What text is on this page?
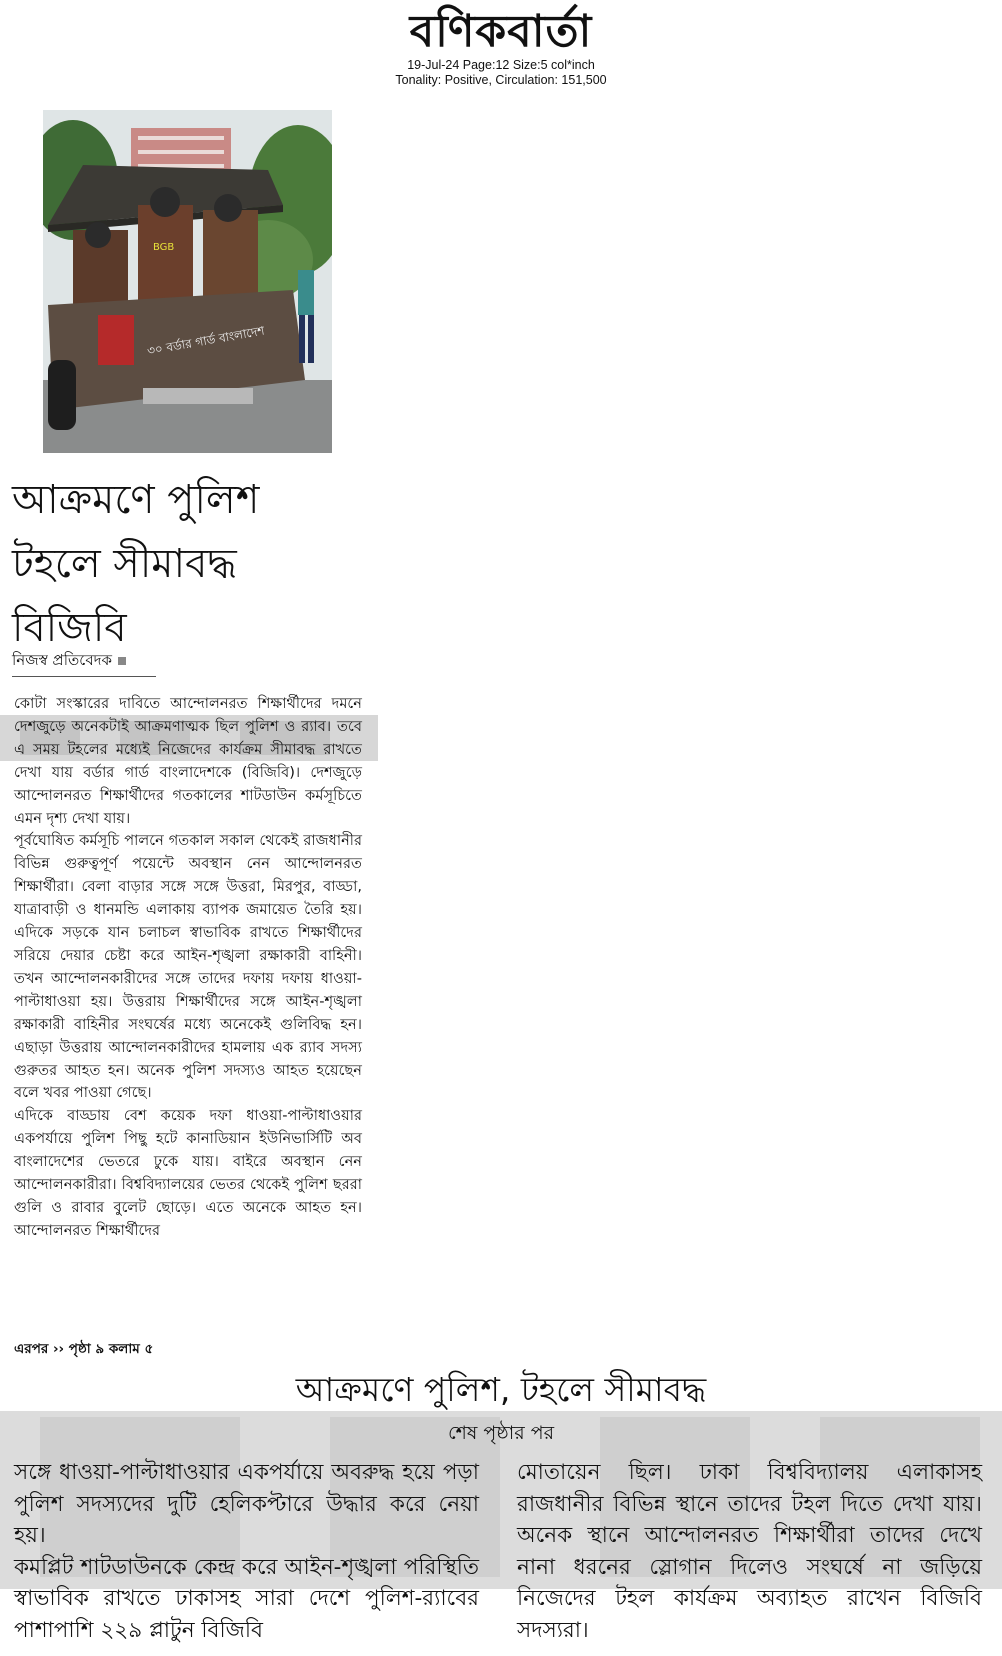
বণিকবার্তা
19-Jul-24 Page:12 Size:5 col*inch
Tonality: Positive, Circulation: 151,500
BGB
৩০ বর্ডার গার্ড বাংলাদেশ
আক্রমণে পুলিশ টহলে সীমাবদ্ধ বিজিবি
নিজস্ব প্রতিবেদক

কোটা সংস্কারের দাবিতে আন্দোলনরত শিক্ষার্থীদের দমনে দেশজুড়ে অনেকটাই আক্রমণাত্মক ছিল পুলিশ ও র‍্যাব। তবে এ সময় টহলের মধ্যেই নিজেদের কার্যক্রম সীমাবদ্ধ রাখতে দেখা যায় বর্ডার গার্ড বাংলাদেশকে (বিজিবি)। দেশজুড়ে আন্দোলনরত শিক্ষার্থীদের গতকালের শাটডাউন কর্মসূচিতে এমন দৃশ্য দেখা যায়।

পূর্বঘোষিত কর্মসূচি পালনে গতকাল সকাল থেকেই রাজধানীর বিভিন্ন গুরুত্বপূর্ণ পয়েন্টে অবস্থান নেন আন্দোলনরত শিক্ষার্থীরা। বেলা বাড়ার সঙ্গে সঙ্গে উত্তরা, মিরপুর, বাড্ডা, যাত্রাবাড়ী ও ধানমন্ডি এলাকায় ব্যাপক জমায়েত তৈরি হয়। এদিকে সড়কে যান চলাচল স্বাভাবিক রাখতে শিক্ষার্থীদের সরিয়ে দেয়ার চেষ্টা করে আইন-শৃঙ্খলা রক্ষাকারী বাহিনী। তখন আন্দোলনকারীদের সঙ্গে তাদের দফায় দফায় ধাওয়া-পাল্টাধাওয়া হয়। উত্তরায় শিক্ষার্থীদের সঙ্গে আইন-শৃঙ্খলা রক্ষাকারী বাহিনীর সংঘর্ষের মধ্যে অনেকেই গুলিবিদ্ধ হন। এছাড়া উত্তরায় আন্দোলনকারীদের হামলায় এক র‍্যাব সদস্য গুরুতর আহত হন। অনেক পুলিশ সদস্যও আহত হয়েছেন বলে খবর পাওয়া গেছে।

এদিকে বাড্ডায় বেশ কয়েক দফা ধাওয়া-পাল্টাধাওয়ার একপর্যায়ে পুলিশ পিছু হটে কানাডিয়ান ইউনিভার্সিটি অব বাংলাদেশের ভেতরে ঢুকে যায়। বাইরে অবস্থান নেন আন্দোলনকারীরা। বিশ্ববিদ্যালয়ের ভেতর থেকেই পুলিশ ছররা গুলি ও রাবার বুলেট ছোড়ে। এতে অনেকে আহত হন। আন্দোলনরত শিক্ষার্থীদের

এরপর ›› পৃষ্ঠা ৯ কলাম ৫
আক্রমণে পুলিশ, টহলে সীমাবদ্ধ
শেষ পৃষ্ঠার পর

সঙ্গে ধাওয়া-পাল্টাধাওয়ার একপর্যায়ে অবরুদ্ধ হয়ে পড়া পুলিশ সদস্যদের দুটি হেলিকপ্টারে উদ্ধার করে নেয়া হয়।

কমপ্লিট শাটডাউনকে কেন্দ্র করে আইন-শৃঙ্খলা পরিস্থিতি স্বাভাবিক রাখতে ঢাকাসহ সারা দেশে পুলিশ-র‍্যাবের পাশাপাশি ২২৯ প্লাটুন বিজিবি

মোতায়েন ছিল। ঢাকা বিশ্ববিদ্যালয় এলাকাসহ রাজধানীর বিভিন্ন স্থানে তাদের টহল দিতে দেখা যায়। অনেক স্থানে আন্দোলনরত শিক্ষার্থীরা তাদের দেখে নানা ধরনের স্লোগান দিলেও সংঘর্ষে না জড়িয়ে নিজেদের টহল কার্যক্রম অব্যাহত রাখেন বিজিবি সদস্যরা।
